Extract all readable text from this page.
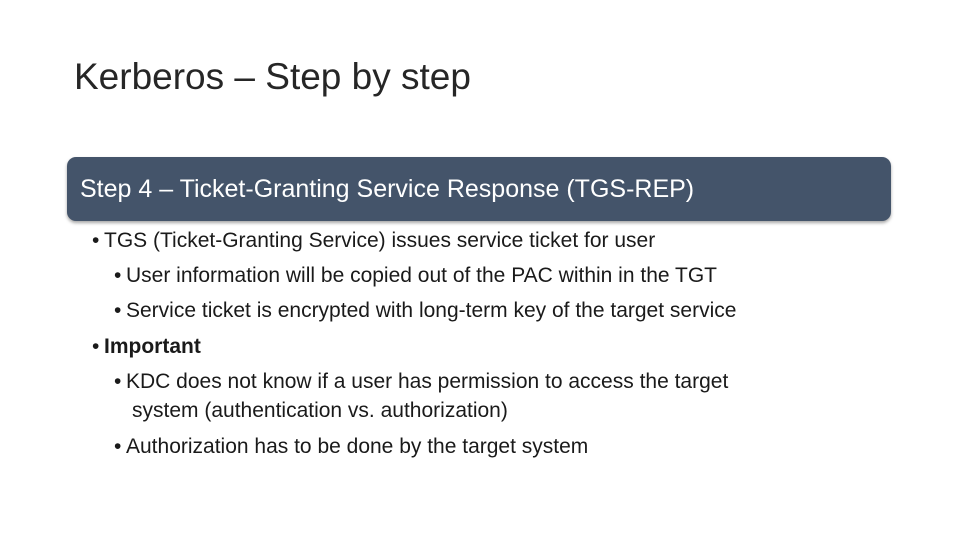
Kerberos – Step by step
Step 4 – Ticket-Granting Service Response (TGS-REP)
• TGS (Ticket-Granting Service) issues service ticket for user
• User information will be copied out of the PAC within in the TGT
• Service ticket is encrypted with long-term key of the target service
• Important
• KDC does not know if a user has permission to access the target
system (authentication vs. authorization)
• Authorization has to be done by the target system
